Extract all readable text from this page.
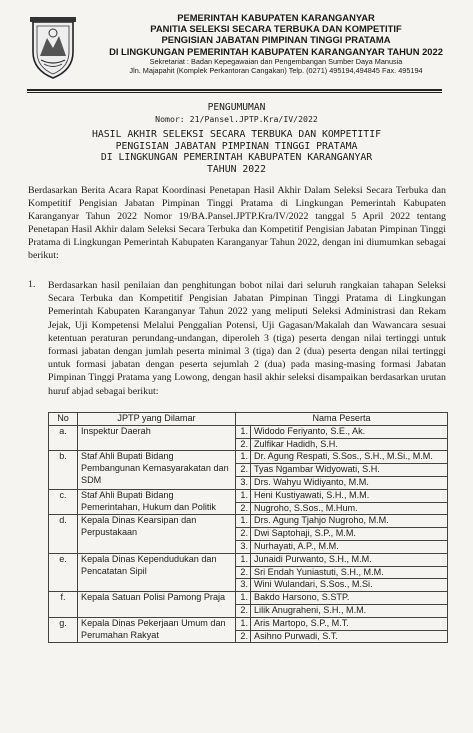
PEMERINTAH KABUPATEN KARANGANYAR
PANITIA SELEKSI SECARA TERBUKA DAN KOMPETITIF
PENGISIAN JABATAN PIMPINAN TINGGI PRATAMA
DI LINGKUNGAN PEMERINTAH KABUPATEN KARANGANYAR TAHUN 2022
Sekretariat : Badan Kepegawaian dan Pengembangan Sumber Daya Manusia
Jln. Majapahit (Komplek Perkantoran Cangakan) Telp. (0271) 495194,494845 Fax. 495194
PENGUMUMAN
Nomor: 21/Pansel.JPTP.Kra/IV/2022
HASIL AKHIR SELEKSI SECARA TERBUKA DAN KOMPETITIF
PENGISIAN JABATAN PIMPINAN TINGGI PRATAMA
DI LINGKUNGAN PEMERINTAH KABUPATEN KARANGANYAR
TAHUN 2022
Berdasarkan Berita Acara Rapat Koordinasi Penetapan Hasil Akhir Dalam Seleksi Secara Terbuka dan Kompetitif Pengisian Jabatan Pimpinan Tinggi Pratama di Lingkungan Pemerintah Kabupaten Karanganyar Tahun 2022 Nomor 19/BA.Pansel.JPTP.Kra/IV/2022 tanggal 5 April 2022 tentang Penetapan Hasil Akhir dalam Seleksi Secara Terbuka dan Kompetitif Pengisian Jabatan Pimpinan Tinggi Pratama di Lingkungan Pemerintah Kabupaten Karanganyar Tahun 2022, dengan ini diumumkan sebagai berikut:
1. Berdasarkan hasil penilaian dan penghitungan bobot nilai dari seluruh rangkaian tahapan Seleksi Secara Terbuka dan Kompetitif Pengisian Jabatan Pimpinan Tinggi Pratama di Lingkungan Pemerintah Kabupaten Karanganyar Tahun 2022 yang meliputi Seleksi Administrasi dan Rekam Jejak, Uji Kompetensi Melalui Penggalian Potensi, Uji Gagasan/Makalah dan Wawancara sesuai ketentuan peraturan perundang-undangan, diperoleh 3 (tiga) peserta dengan nilai tertinggi untuk formasi jabatan dengan jumlah peserta minimal 3 (tiga) dan 2 (dua) peserta dengan nilai tertinggi untuk formasi jabatan dengan peserta sejumlah 2 (dua) pada masing-masing formasi Jabatan Pimpinan Tinggi Pratama yang Lowong, dengan hasil akhir seleksi disampaikan berdasarkan urutan huruf abjad sebagai berikut:
No	JPTP yang Dilamar	Nama Peserta	
a.	Inspektur Daerah	1.	Widodo Feriyanto, S.E., Ak.
		2.	Zulfikar Hadidh, S.H.
b.	Staf Ahli Bupati Bidang Pembangunan Kemasyarakatan dan SDM	1.	Dr. Agung Respati, S.Sos., S.H., M.Si., M.M.
		2.	Tyas Ngambar Widyowati, S.H.
		3.	Drs. Wahyu Widiyanto, M.M.
c.	Staf Ahli Bupati Bidang Pemerintahan, Hukum dan Politik	1.	Heni Kustiyawati, S.H., M.M.
		2.	Nugroho, S.Sos., M.Hum.
d.	Kepala Dinas Kearsipan dan Perpustakaan	1.	Drs. Agung Tjahjo Nugroho, M.M.
		2.	Dwi Saptohaji, S.P., M.M.
		3.	Nurhayati, A.P., M.M.
e.	Kepala Dinas Kependudukan dan Pencatatan Sipil	1.	Junaidi Purwanto, S.H., M.M.
		2.	Sri Endah Yuniastuti, S.H., M.M.
		3.	Wini Wulandari, S.Sos., M.Si.
f.	Kepala Satuan Polisi Pamong Praja	1.	Bakdo Harsono, S.STP.
		2.	Lilik Anugraheni, S.H., M.M.
g.	Kepala Dinas Pekerjaan Umum dan Perumahan Rakyat	1.	Aris Martopo, S.P., M.T.
		2.	Asihno Purwadi, S.T.
